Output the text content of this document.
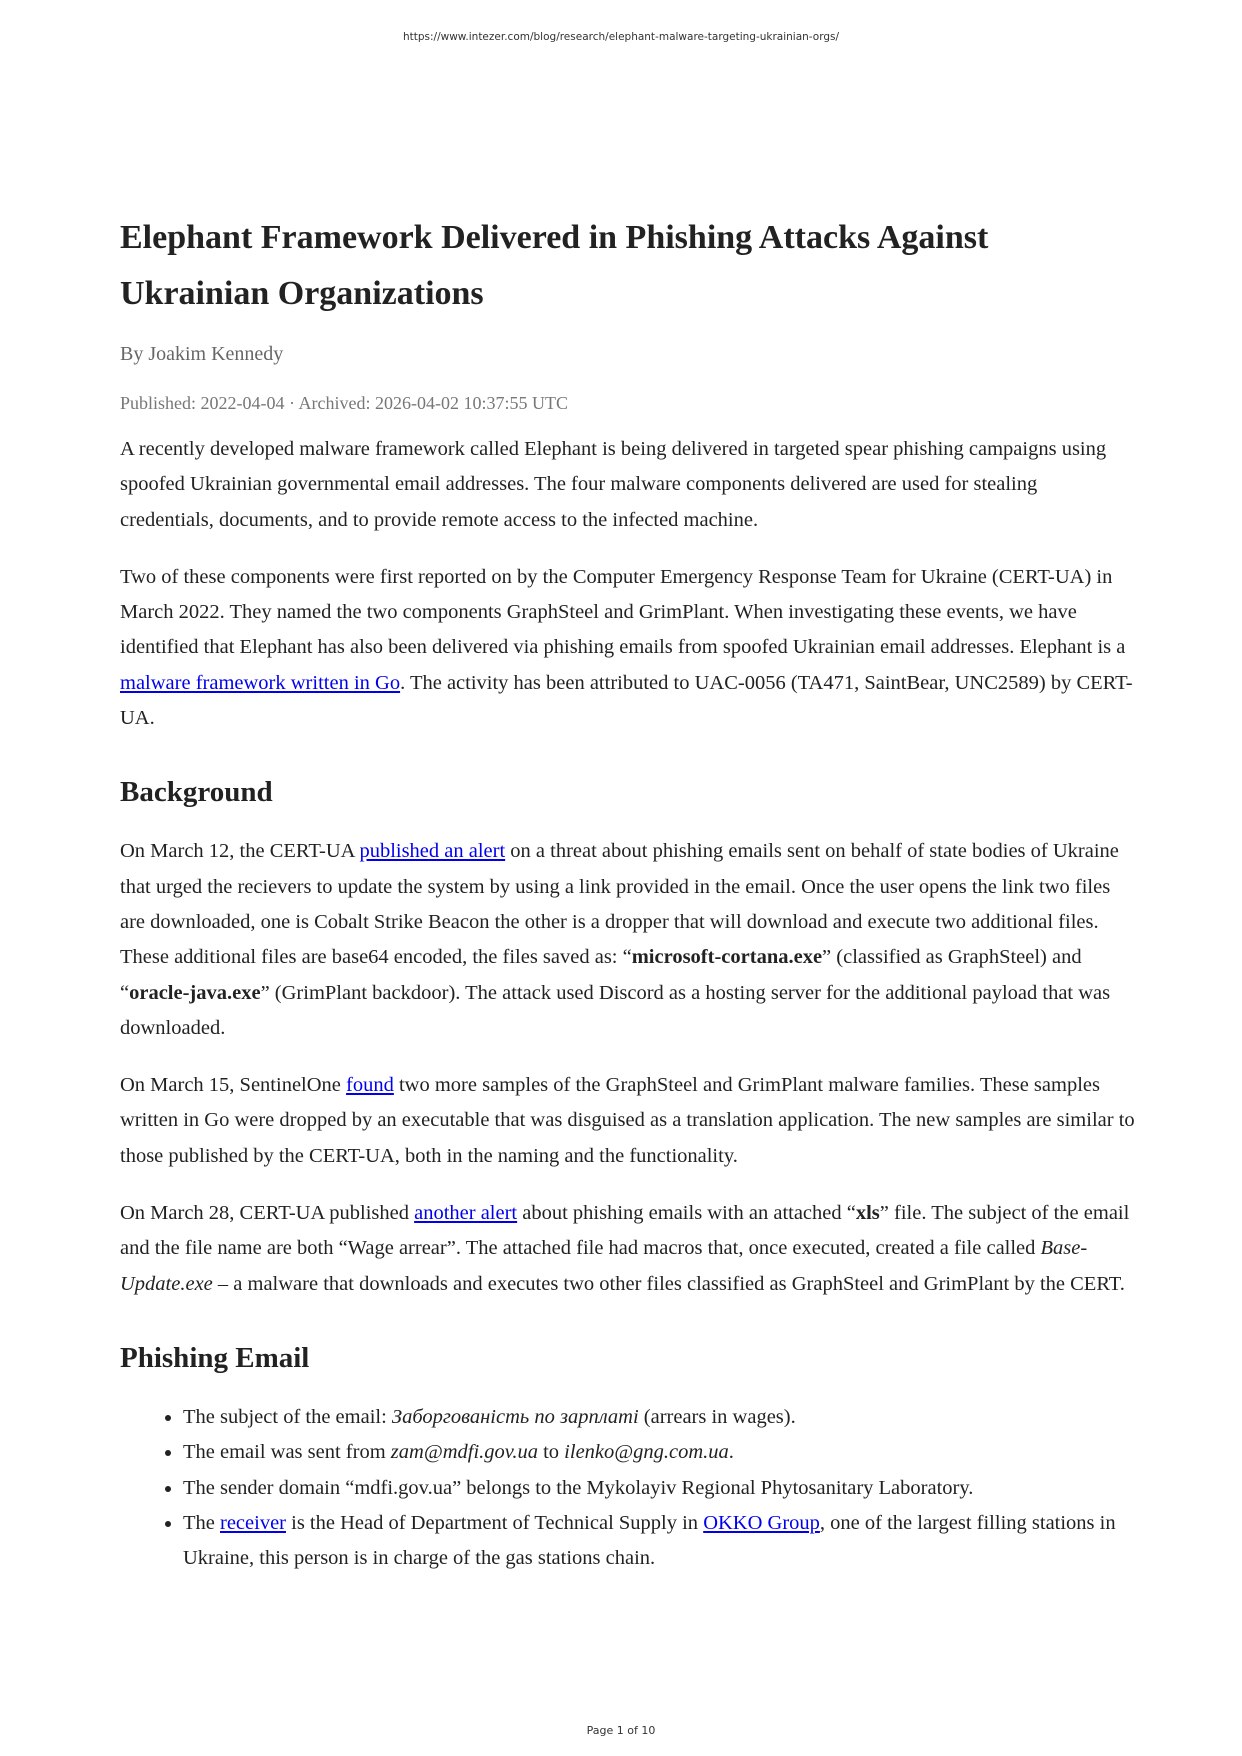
https://www.intezer.com/blog/research/elephant-malware-targeting-ukrainian-orgs/
Elephant Framework Delivered in Phishing Attacks Against Ukrainian Organizations
By Joakim Kennedy
Published: 2022-04-04 · Archived: 2026-04-02 10:37:55 UTC

A recently developed malware framework called Elephant is being delivered in targeted spear phishing campaigns using spoofed Ukrainian governmental email addresses. The four malware components delivered are used for stealing credentials, documents, and to provide remote access to the infected machine.

Two of these components were first reported on by the Computer Emergency Response Team for Ukraine (CERT-UA) in March 2022. They named the two components GraphSteel and GrimPlant. When investigating these events, we have identified that Elephant has also been delivered via phishing emails from spoofed Ukrainian email addresses. Elephant is a malware framework written in Go. The activity has been attributed to UAC-0056 (TA471, SaintBear, UNC2589) by CERT-UA.

Background

On March 12, the CERT-UA published an alert on a threat about phishing emails sent on behalf of state bodies of Ukraine that urged the recievers to update the system by using a link provided in the email. Once the user opens the link two files are downloaded, one is Cobalt Strike Beacon the other is a dropper that will download and execute two additional files. These additional files are base64 encoded, the files saved as: “microsoft-cortana.exe” (classified as GraphSteel) and “oracle-java.exe” (GrimPlant backdoor). The attack used Discord as a hosting server for the additional payload that was downloaded.

On March 15, SentinelOne found two more samples of the GraphSteel and GrimPlant malware families. These samples written in Go were dropped by an executable that was disguised as a translation application. The new samples are similar to those published by the CERT-UA, both in the naming and the functionality.

On March 28, CERT-UA published another alert about phishing emails with an attached “xls” file. The subject of the email and the file name are both “Wage arrear”. The attached file had macros that, once executed, created a file called Base-Update.exe – a malware that downloads and executes two other files classified as GraphSteel and GrimPlant by the CERT.

Phishing Email
• The subject of the email: Заборгованість по зарплаті (arrears in wages).
• The email was sent from zam@mdfi.gov.ua to ilenko@gng.com.ua.
• The sender domain “mdfi.gov.ua” belongs to the Mykolayiv Regional Phytosanitary Laboratory.
• The receiver is the Head of Department of Technical Supply in OKKO Group, one of the largest filling stations in Ukraine, this person is in charge of the gas stations chain.
Page 1 of 10
